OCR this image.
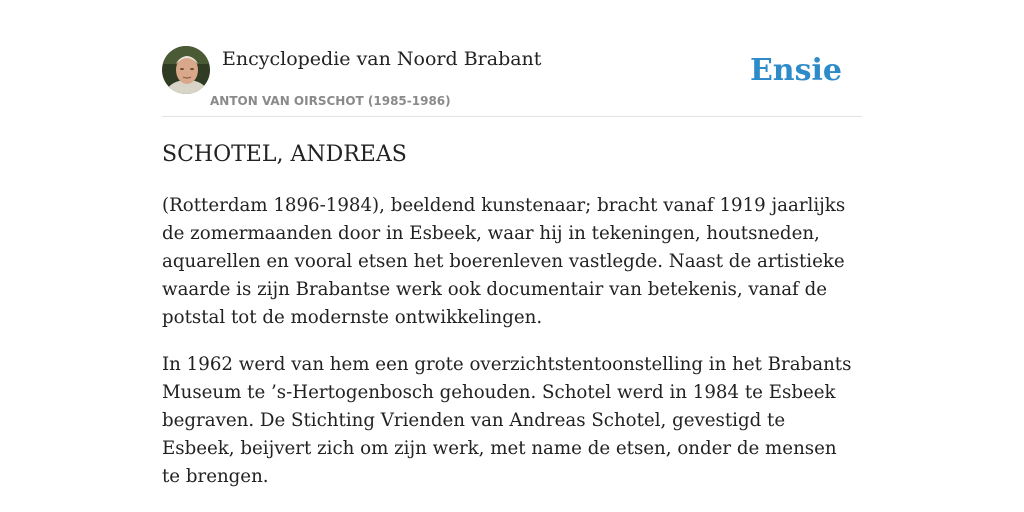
Encyclopedie van Noord Brabant
ANTON VAN OIRSCHOT (1985-1986)
Ensie
SCHOTEL, ANDREAS

(Rotterdam 1896-1984), beeldend kunstenaar; bracht vanaf 1919 jaarlijks de zomermaanden door in Esbeek, waar hij in tekeningen, houtsneden, aquarellen en vooral etsen het boerenleven vastlegde. Naast de artistieke waarde is zijn Brabantse werk ook documentair van betekenis, vanaf de potstal tot de modernste ontwikkelingen.

In 1962 werd van hem een grote overzichtstentoonstelling in het Brabants Museum te ’s-Hertogenbosch gehouden. Schotel werd in 1984 te Esbeek begraven. De Stichting Vrienden van Andreas Schotel, gevestigd te Esbeek, beijvert zich om zijn werk, met name de etsen, onder de mensen te brengen.
